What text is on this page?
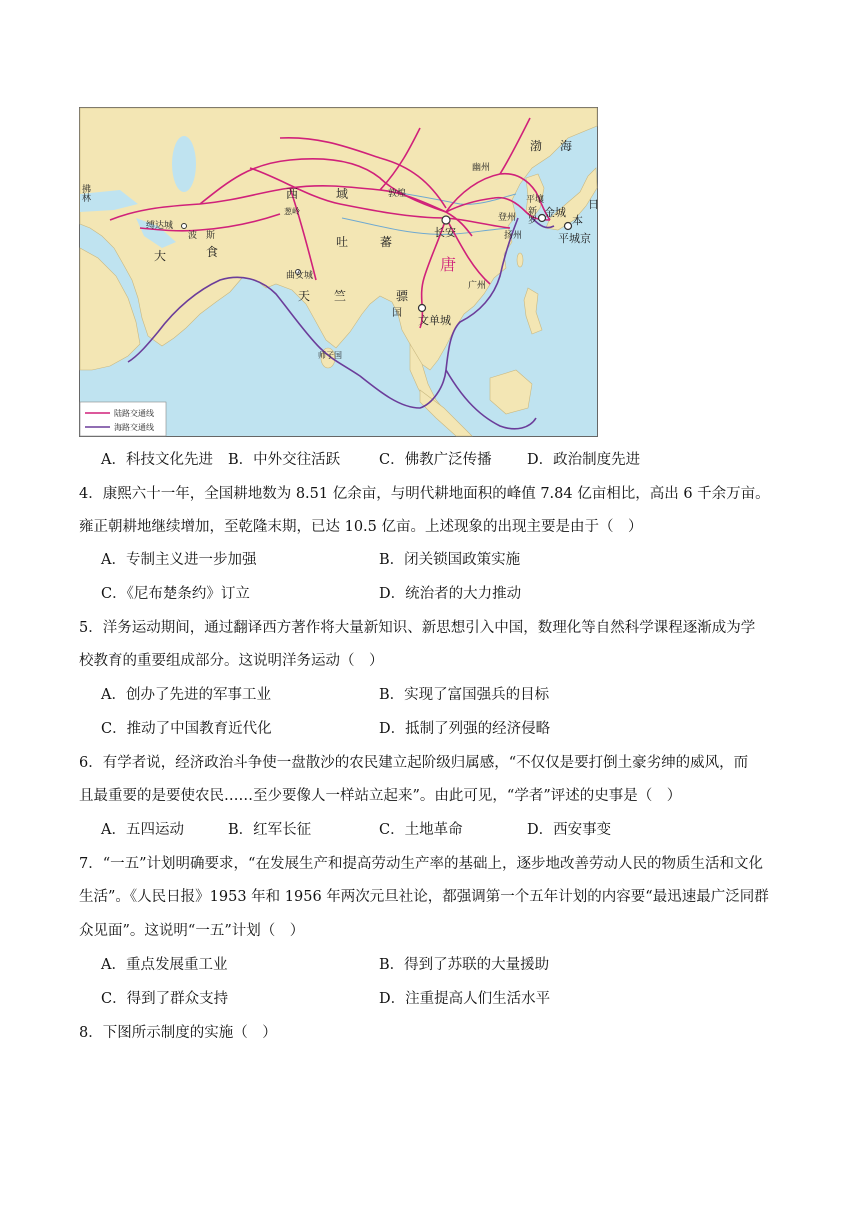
拂林
缚达城
波　斯
大	食
西
葱岭
域	敦煌
吐	蕃
幽州
渤 海
平壤
新罗
金城
日
本
平城京
登州
长安	扬州
唐
广州
曲女城
天 竺	骠
国
文单城
师子国
陆路交通线
海路交通线
A．科技文化先进 B．中外交往活跃	C．佛教广泛传播 D．政治制度先进
4．康熙六十一年，全国耕地数为 8.51 亿余亩，与明代耕地面积的峰值 7.84 亿亩相比，高出 6 千余万亩。
雍正朝耕地继续增加，至乾隆末期，已达 10.5 亿亩。上述现象的出现主要是由于（　）
A．专制主义进一步加强	B．闭关锁国政策实施
C．《尼布楚条约》订立	D．统治者的大力推动
5．洋务运动期间，通过翻译西方著作将大量新知识、新思想引入中国，数理化等自然科学课程逐渐成为学
校教育的重要组成部分。这说明洋务运动（　）
A．创办了先进的军事工业	B．实现了富国强兵的目标
C．推动了中国教育近代化	D．抵制了列强的经济侵略
6．有学者说，经济政治斗争使一盘散沙的农民建立起阶级归属感，“不仅仅是要打倒土豪劣绅的威风，而
且最重要的是要使农民……至少要像人一样站立起来”。由此可见，“学者”评述的史事是（　）
A．五四运动	B．红军长征	C．土地革命	D．西安事变
7．“一五”计划明确要求，“在发展生产和提高劳动生产率的基础上，逐步地改善劳动人民的物质生活和文化
生活”。《人民日报》1953 年和 1956 年两次元旦社论，都强调第一个五年计划的内容要“最迅速最广泛同群
众见面”。这说明“一五”计划（　）
A．重点发展重工业	B．得到了苏联的大量援助
C．得到了群众支持	D．注重提高人们生活水平
8．下图所示制度的实施（　）
